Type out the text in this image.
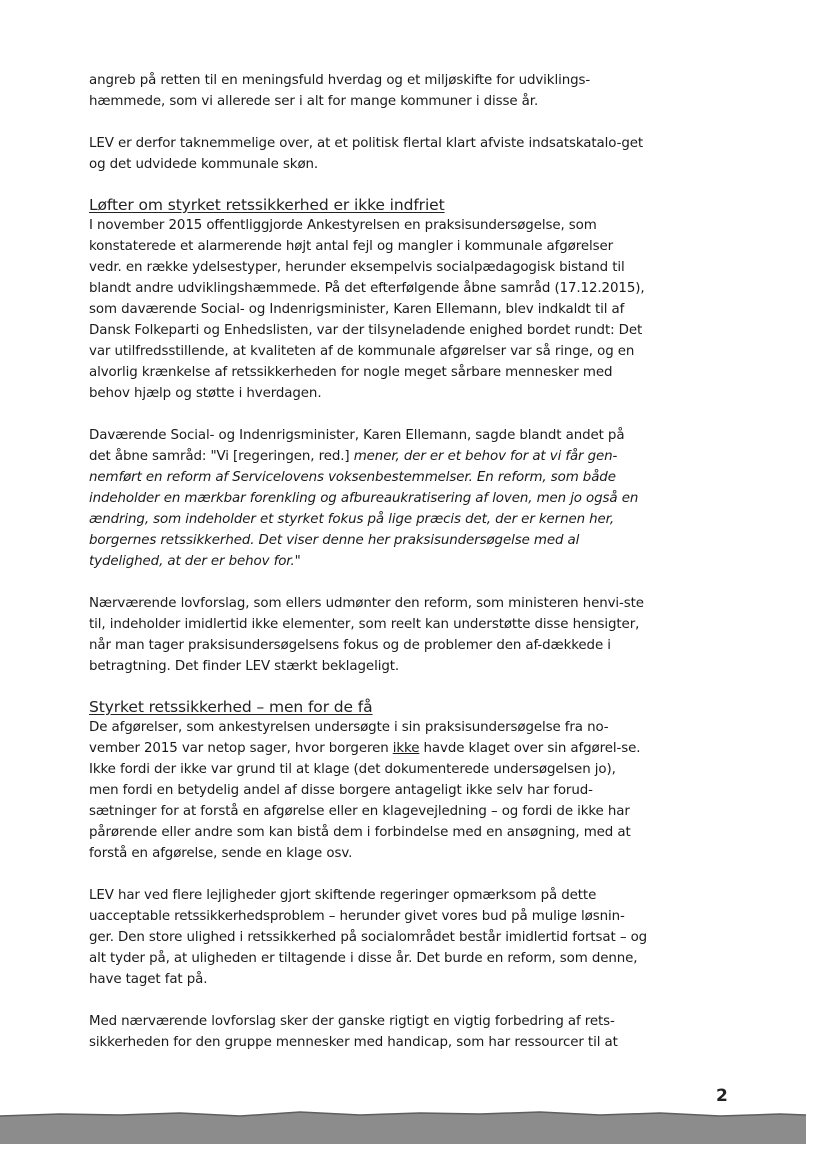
angreb på retten til en meningsfuld hverdag og et miljøskifte for udviklings-hæmmede, som vi allerede ser i alt for mange kommuner i disse år.

LEV er derfor taknemmelige over, at et politisk flertal klart afviste indsatskatalo-get og det udvidede kommunale skøn.

Løfter om styrket retssikkerhed er ikke indfriet

I november 2015 offentliggjorde Ankestyrelsen en praksisundersøgelse, som konstaterede et alarmerende højt antal fejl og mangler i kommunale afgørelser vedr. en række ydelsestyper, herunder eksempelvis socialpædagogisk bistand til blandt andre udviklingshæmmede. På det efterfølgende åbne samråd (17.12.2015), som daværende Social- og Indenrigsminister, Karen Ellemann, blev indkaldt til af Dansk Folkeparti og Enhedslisten, var der tilsyneladende enighed bordet rundt: Det var utilfredsstillende, at kvaliteten af de kommunale afgørelser var så ringe, og en alvorlig krænkelse af retssikkerheden for nogle meget sårbare mennesker med behov hjælp og støtte i hverdagen.

Daværende Social- og Indenrigsminister, Karen Ellemann, sagde blandt andet på det åbne samråd: "Vi [regeringen, red.] mener, der er et behov for at vi får gen-nemført en reform af Servicelovens voksenbestemmelser. En reform, som både indeholder en mærkbar forenkling og afbureaukratisering af loven, men jo også en ændring, som indeholder et styrket fokus på lige præcis det, der er kernen her, borgernes retssikkerhed. Det viser denne her praksisundersøgelse med al tydelighed, at der er behov for."

Nærværende lovforslag, som ellers udmønter den reform, som ministeren henvi-ste til, indeholder imidlertid ikke elementer, som reelt kan understøtte disse hensigter, når man tager praksisundersøgelsens fokus og de problemer den af-dækkede i betragtning. Det finder LEV stærkt beklageligt.

Styrket retssikkerhed – men for de få

De afgørelser, som ankestyrelsen undersøgte i sin praksisundersøgelse fra no-vember 2015 var netop sager, hvor borgeren ikke havde klaget over sin afgørel-se. Ikke fordi der ikke var grund til at klage (det dokumenterede undersøgelsen jo), men fordi en betydelig andel af disse borgere antageligt ikke selv har forud-sætninger for at forstå en afgørelse eller en klagevejledning – og fordi de ikke har pårørende eller andre som kan bistå dem i forbindelse med en ansøgning, med at forstå en afgørelse, sende en klage osv.

LEV har ved flere lejligheder gjort skiftende regeringer opmærksom på dette uacceptable retssikkerhedsproblem – herunder givet vores bud på mulige løsnin-ger. Den store ulighed i retssikkerhed på socialområdet består imidlertid fortsat – og alt tyder på, at uligheden er tiltagende i disse år. Det burde en reform, som denne, have taget fat på.

Med nærværende lovforslag sker der ganske rigtigt en vigtig forbedring af rets-sikkerheden for den gruppe mennesker med handicap, som har ressourcer til at

2
